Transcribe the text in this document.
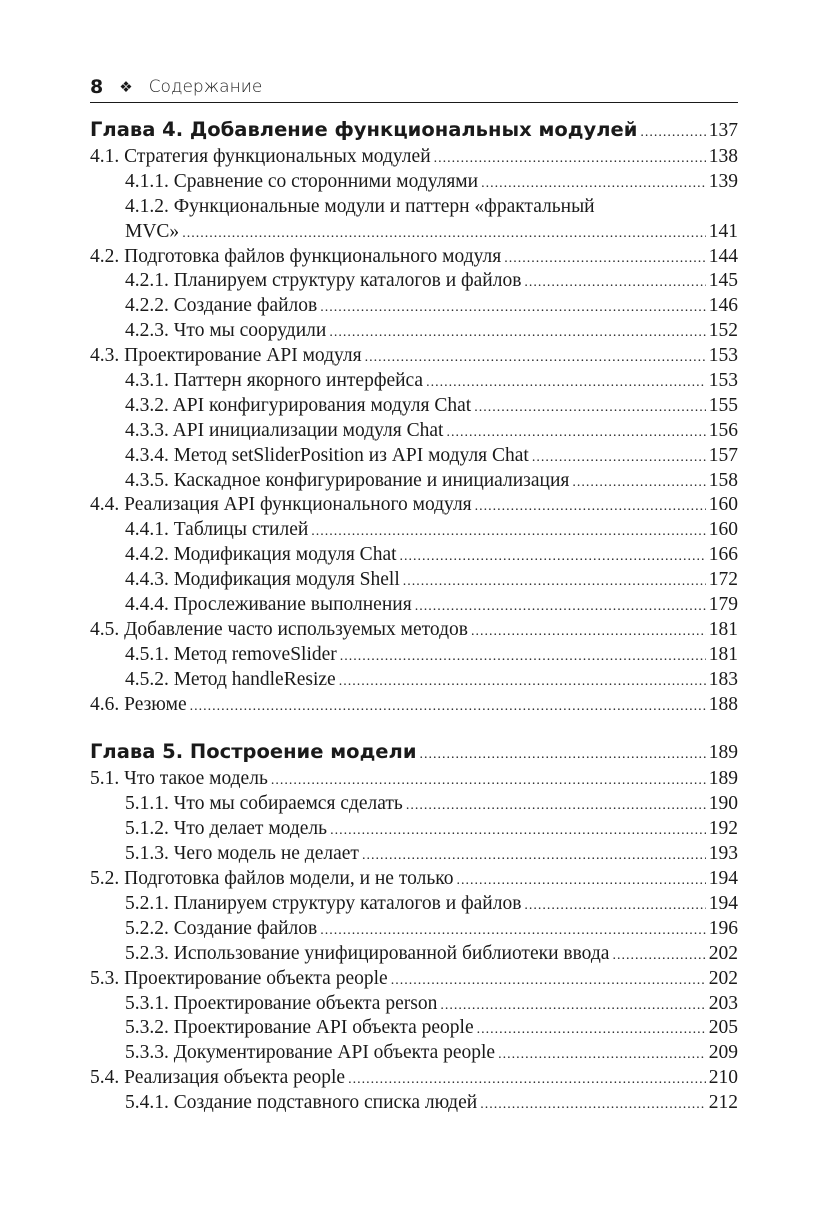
8 ❖ Содержание
Глава 4. Добавление функциональных модулей .....	137
4.1. Стратегия функциональных модулей .....	138
4.1.1. Сравнение со сторонними модулями .....	139
4.1.2. Функциональные модули и паттерн «фрактальный
MVC» .....	141
4.2. Подготовка файлов функционального модуля .....	144
4.2.1. Планируем структуру каталогов и файлов .....	145
4.2.2. Создание файлов .....	146
4.2.3. Что мы соорудили .....	152
4.3. Проектирование API модуля .....	153
4.3.1. Паттерн якорного интерфейса .....	153
4.3.2. API конфигурирования модуля Chat .....	155
4.3.3. API инициализации модуля Chat .....	156
4.3.4. Метод setSliderPosition из API модуля Chat .....	157
4.3.5. Каскадное конфигурирование и инициализация .....	158
4.4. Реализация API функционального модуля .....	160
4.4.1. Таблицы стилей .....	160
4.4.2. Модификация модуля Chat .....	166
4.4.3. Модификация модуля Shell .....	172
4.4.4. Прослеживание выполнения .....	179
4.5. Добавление часто используемых методов .....	181
4.5.1. Метод removeSlider .....	181
4.5.2. Метод handleResize .....	183
4.6. Резюме .....	188
Глава 5. Построение модели .....	189
5.1. Что такое модель .....	189
5.1.1. Что мы собираемся сделать .....	190
5.1.2. Что делает модель .....	192
5.1.3. Чего модель не делает .....	193
5.2. Подготовка файлов модели, и не только .....	194
5.2.1. Планируем структуру каталогов и файлов .....	194
5.2.2. Создание файлов .....	196
5.2.3. Использование унифицированной библиотеки ввода .....	202
5.3. Проектирование объекта people .....	202
5.3.1. Проектирование объекта person .....	203
5.3.2. Проектирование API объекта people .....	205
5.3.3. Документирование API объекта people .....	209
5.4. Реализация объекта people .....	210
5.4.1. Создание подставного списка людей .....	212
